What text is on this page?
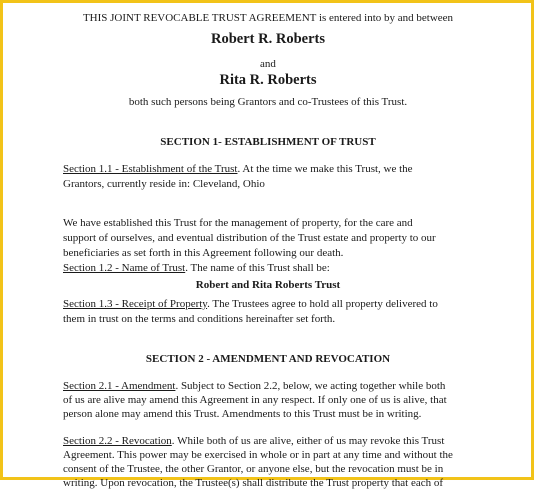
THIS JOINT REVOCABLE TRUST AGREEMENT is entered into by and between

Robert R. Roberts

and

Rita R. Roberts

both such persons being Grantors and co-Trustees of this Trust.

SECTION 1- ESTABLISHMENT OF TRUST

Section 1.1 - Establishment of the Trust. At the time we make this Trust, we the

Grantors, currently reside in: Cleveland, Ohio

We have established this Trust for the management of property, for the care and

support of ourselves, and eventual distribution of the Trust estate and property to our

beneficiaries as set forth in this Agreement following our death.

Section 1.2 - Name of Trust. The name of this Trust shall be:

Robert and Rita Roberts Trust

Section 1.3 - Receipt of Property. The Trustees agree to hold all property delivered to

them in trust on the terms and conditions hereinafter set forth.

SECTION 2 - AMENDMENT AND REVOCATION

Section 2.1 - Amendment. Subject to Section 2.2, below, we acting together while both

of us are alive may amend this Agreement in any respect. If only one of us is alive, that

person alone may amend this Trust. Amendments to this Trust must be in writing.

Section 2.2 - Revocation. While both of us are alive, either of us may revoke this Trust

Agreement. This power may be exercised in whole or in part at any time and without the

consent of the Trustee, the other Grantor, or anyone else, but the revocation must be in

writing. Upon revocation, the Trustee(s) shall distribute the Trust property that each of
